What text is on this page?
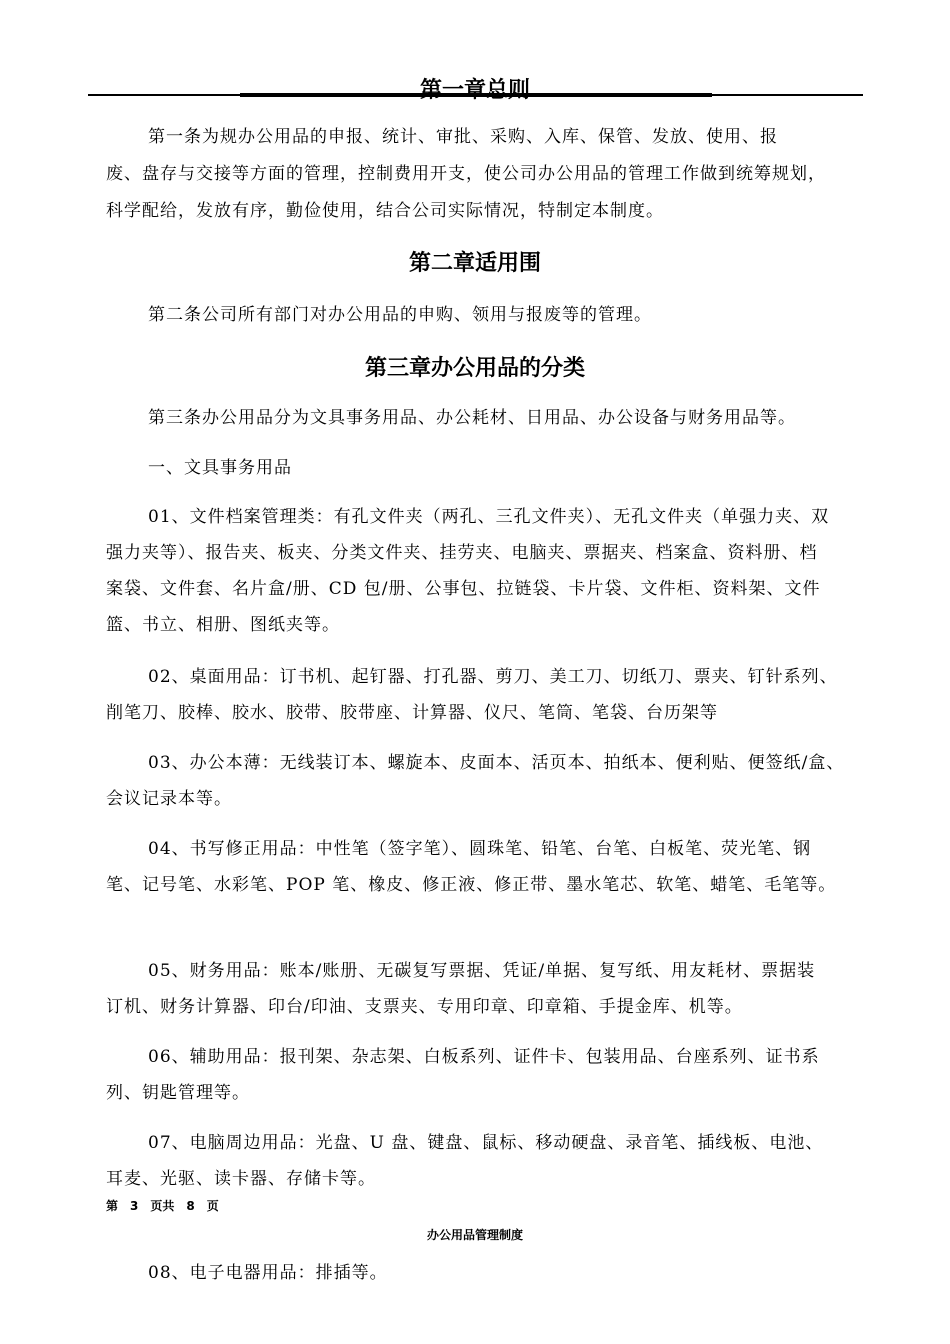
第一章总则
第一条为规办公用品的申报、统计、审批、采购、入库、保管、发放、使用、报
废、盘存与交接等方面的管理，控制费用开支，使公司办公用品的管理工作做到统筹规划，
科学配给，发放有序，勤俭使用，结合公司实际情况，特制定本制度。
第二章适用围
第二条公司所有部门对办公用品的申购、领用与报废等的管理。
第三章办公用品的分类
第三条办公用品分为文具事务用品、办公耗材、日用品、办公设备与财务用品等。
一、文具事务用品
01、文件档案管理类：有孔文件夹（两孔、三孔文件夹）、无孔文件夹（单强力夹、双
强力夹等）、报告夹、板夹、分类文件夹、挂劳夹、电脑夹、票据夹、档案盒、资料册、档
案袋、文件套、名片盒/册、CD 包/册、公事包、拉链袋、卡片袋、文件柜、资料架、文件
篮、书立、相册、图纸夹等。
02、桌面用品：订书机、起钉器、打孔器、剪刀、美工刀、切纸刀、票夹、钉针系列、
削笔刀、胶棒、胶水、胶带、胶带座、计算器、仪尺、笔筒、笔袋、台历架等
03、办公本薄：无线装订本、螺旋本、皮面本、活页本、拍纸本、便利贴、便签纸/盒、
会议记录本等。
04、书写修正用品：中性笔（签字笔）、圆珠笔、铅笔、台笔、白板笔、荧光笔、钢
笔、记号笔、水彩笔、POP 笔、橡皮、修正液、修正带、墨水笔芯、软笔、蜡笔、毛笔等。
05、财务用品：账本/账册、无碳复写票据、凭证/单据、复写纸、用友耗材、票据装
订机、财务计算器、印台/印油、支票夹、专用印章、印章箱、手提金库、机等。
06、辅助用品：报刊架、杂志架、白板系列、证件卡、包装用品、台座系列、证书系
列、钥匙管理等。
07、电脑周边用品：光盘、U 盘、键盘、鼠标、移动硬盘、录音笔、插线板、电池、
耳麦、光驱、读卡器、存储卡等。
第　3　页共　8　页
办公用品管理制度
08、电子电器用品：排插等。
